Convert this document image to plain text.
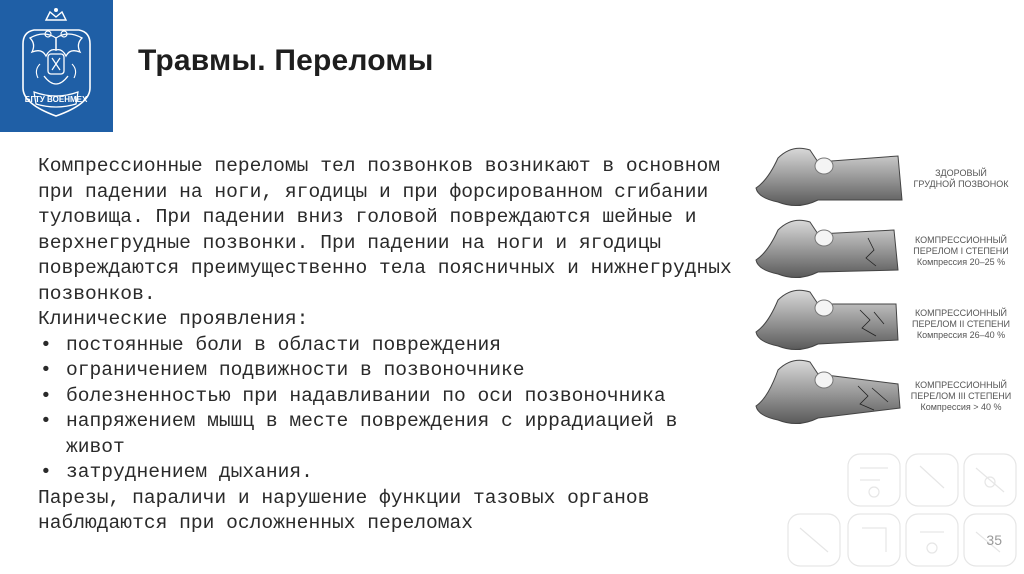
БГТУ ВОЕНМЕХ
Травмы. Переломы

Компрессионные переломы тел позвонков возникают в основном при падении на ноги, ягодицы и при форсированном сгибании туловища. При падении вниз головой повреждаются шейные и верхнегрудные позвонки. При падении на ноги и ягодицы повреждаются преимущественно тела поясничных и нижнегрудных позвонков.

Клинические проявления:

• постоянные боли в области повреждения
• ограничением подвижности в позвоночнике
• болезненностью при надавливании по оси позвоночника
• напряжением мышц в месте повреждения с иррадиацией в живот
• затруднением дыхания.

Парезы, параличи и нарушение функции тазовых органов наблюдаются при осложненных переломах

ЗДОРОВЫЙ
ГРУДНОЙ ПОЗВОНОК
КОМПРЕССИОННЫЙ
ПЕРЕЛОМ I СТЕПЕНИ
Компрессия 20–25 %
КОМПРЕССИОННЫЙ
ПЕРЕЛОМ II СТЕПЕНИ
Компрессия 26–40 %
КОМПРЕССИОННЫЙ
ПЕРЕЛОМ III СТЕПЕНИ
Компрессия > 40 %
35
